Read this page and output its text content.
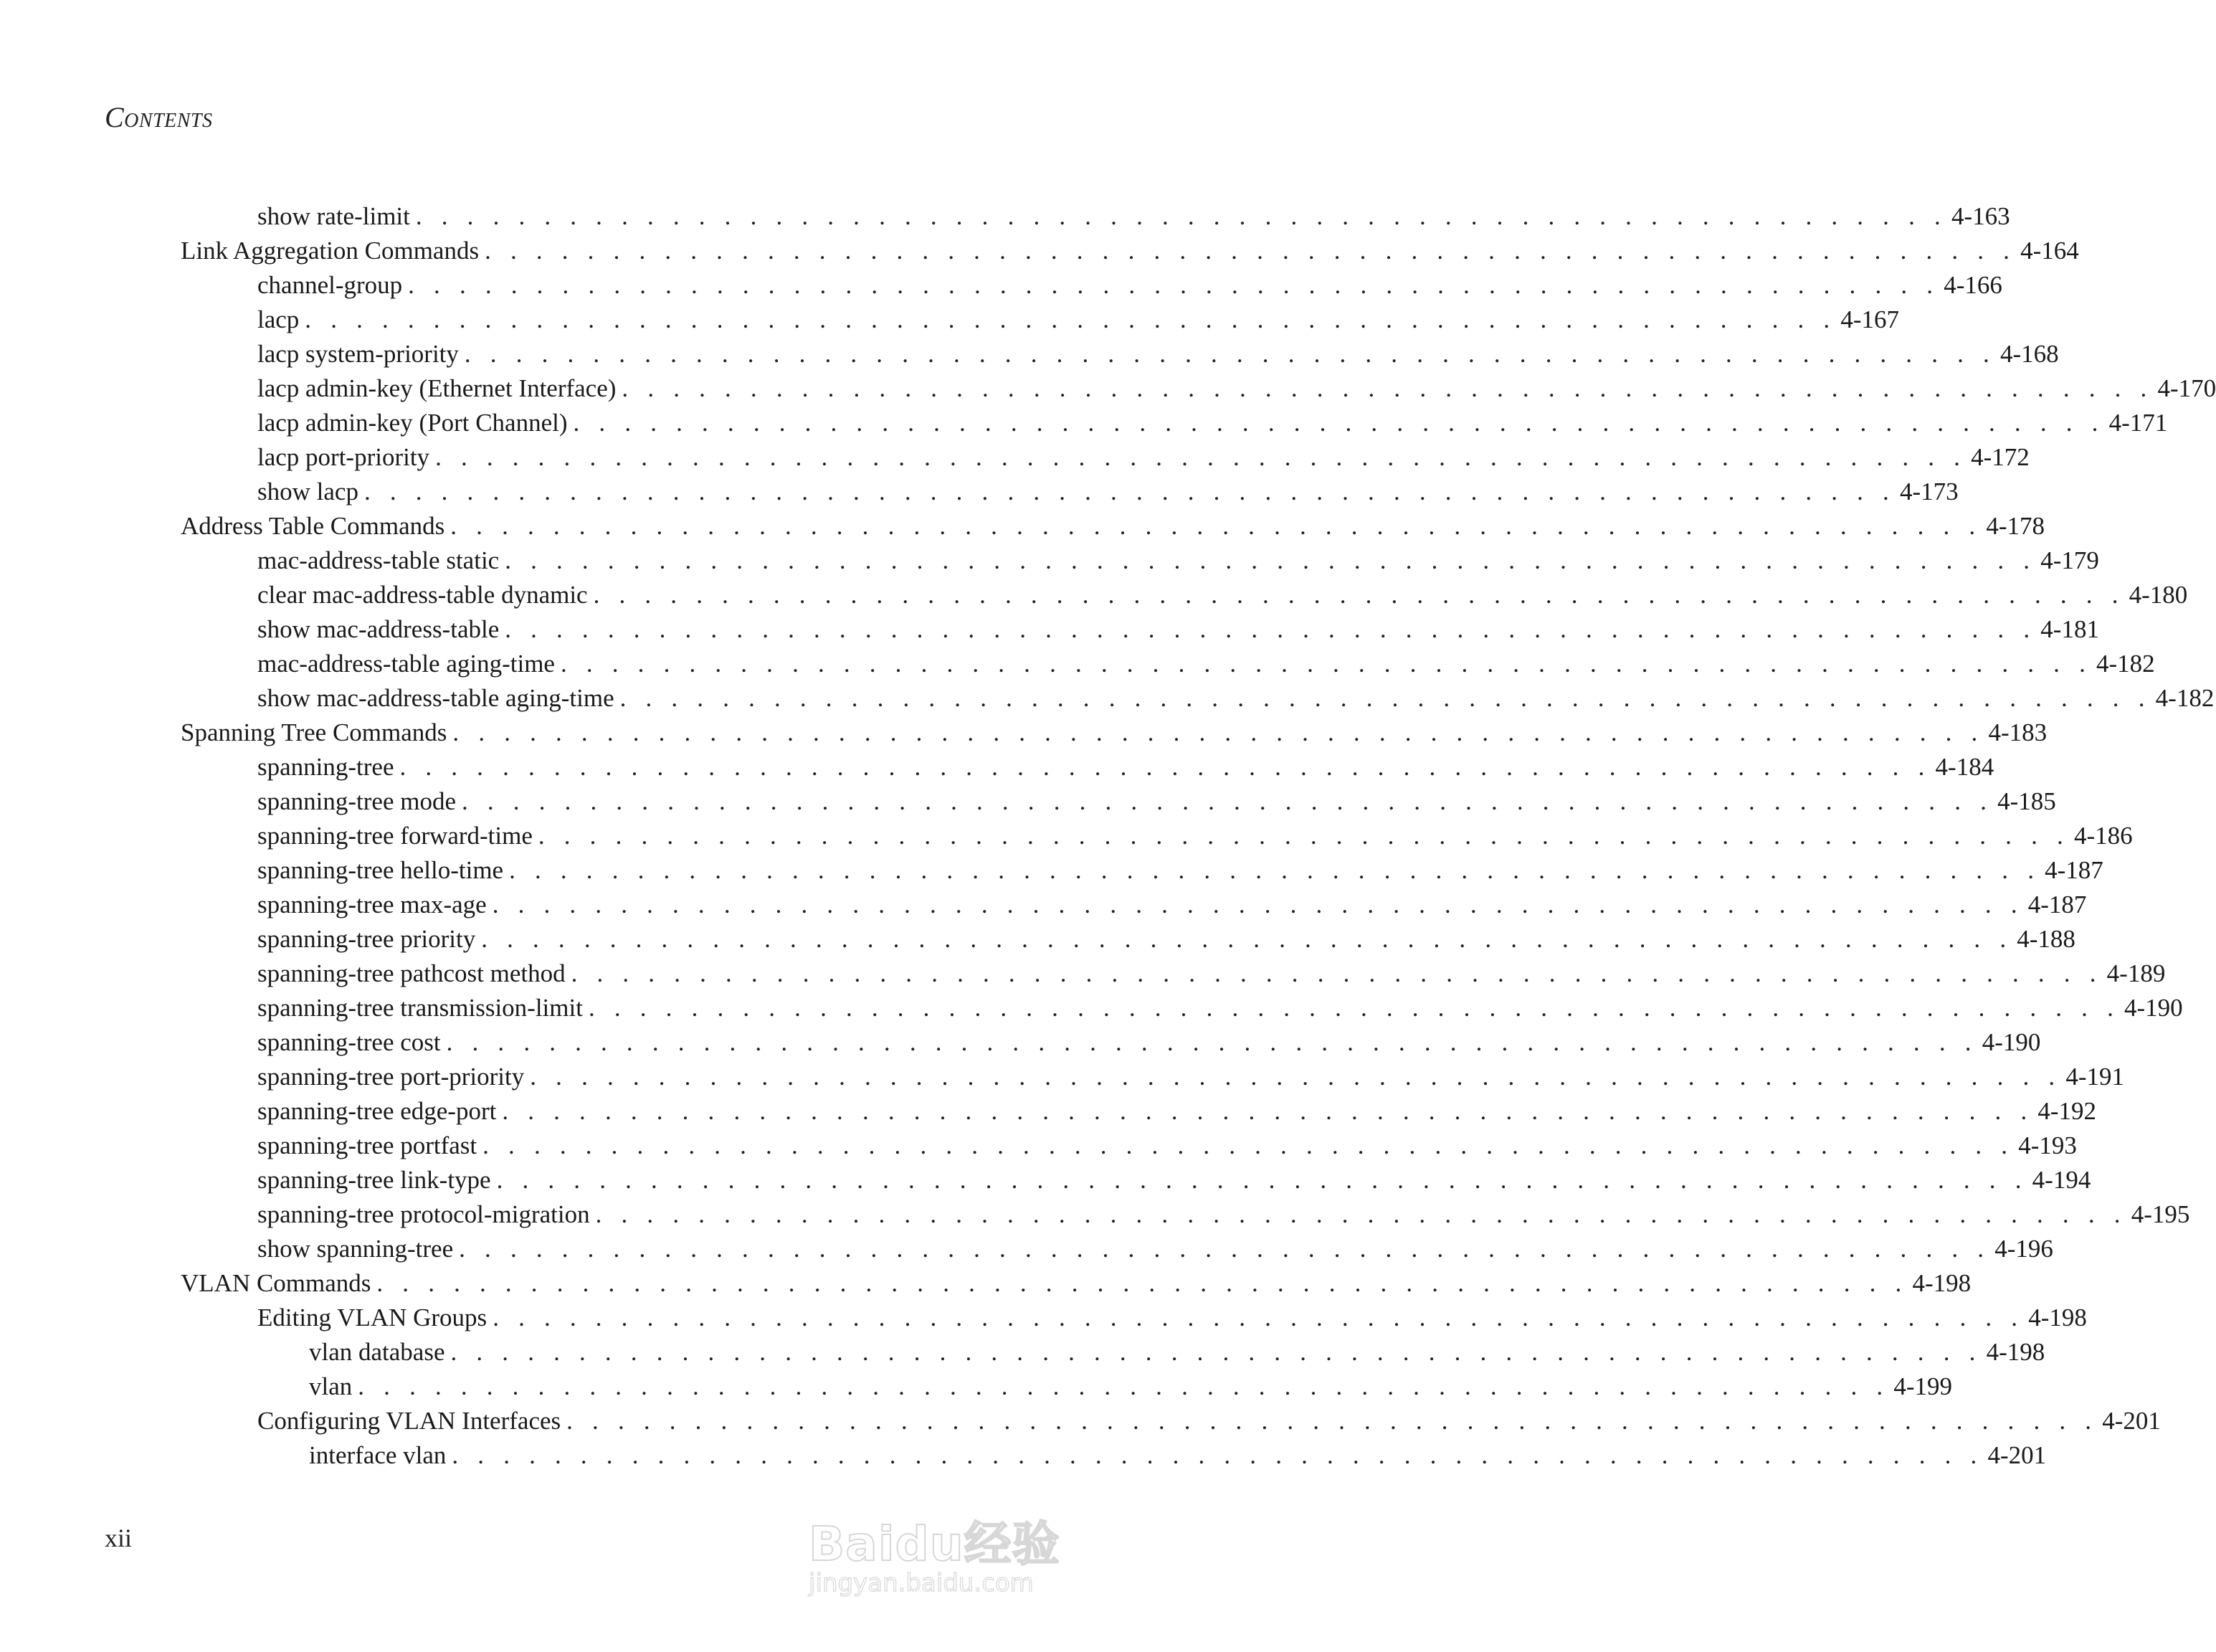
Contents
show rate-limit . . . . . . . . . . . . . . . . . . . . . . . . . . . . . . . . . . . . . . . . . . . . . . . . . . . . . . . . . . . . 4-163
Link Aggregation Commands . . . . . . . . . . . . . . . . . . . . . . . . . . . . . . . . . . . . . . . . . . . . . . . . . . . . . . . . . . . . 4-164
channel-group . . . . . . . . . . . . . . . . . . . . . . . . . . . . . . . . . . . . . . . . . . . . . . . . . . . . . . . . . . . . 4-166
lacp . . . . . . . . . . . . . . . . . . . . . . . . . . . . . . . . . . . . . . . . . . . . . . . . . . . . . . . . . . . . 4-167
lacp system-priority . . . . . . . . . . . . . . . . . . . . . . . . . . . . . . . . . . . . . . . . . . . . . . . . . . . . . . . . . . . . 4-168
lacp admin-key (Ethernet Interface) . . . . . . . . . . . . . . . . . . . . . . . . . . . . . . . . . . . . . . . . . . . . . . . . . . . . . . . . . . . . 4-170
lacp admin-key (Port Channel) . . . . . . . . . . . . . . . . . . . . . . . . . . . . . . . . . . . . . . . . . . . . . . . . . . . . . . . . . . . . 4-171
lacp port-priority . . . . . . . . . . . . . . . . . . . . . . . . . . . . . . . . . . . . . . . . . . . . . . . . . . . . . . . . . . . . 4-172
show lacp . . . . . . . . . . . . . . . . . . . . . . . . . . . . . . . . . . . . . . . . . . . . . . . . . . . . . . . . . . . . 4-173
Address Table Commands . . . . . . . . . . . . . . . . . . . . . . . . . . . . . . . . . . . . . . . . . . . . . . . . . . . . . . . . . . . . 4-178
mac-address-table static . . . . . . . . . . . . . . . . . . . . . . . . . . . . . . . . . . . . . . . . . . . . . . . . . . . . . . . . . . . . 4-179
clear mac-address-table dynamic . . . . . . . . . . . . . . . . . . . . . . . . . . . . . . . . . . . . . . . . . . . . . . . . . . . . . . . . . . . . 4-180
show mac-address-table . . . . . . . . . . . . . . . . . . . . . . . . . . . . . . . . . . . . . . . . . . . . . . . . . . . . . . . . . . . . 4-181
mac-address-table aging-time . . . . . . . . . . . . . . . . . . . . . . . . . . . . . . . . . . . . . . . . . . . . . . . . . . . . . . . . . . . . 4-182
show mac-address-table aging-time . . . . . . . . . . . . . . . . . . . . . . . . . . . . . . . . . . . . . . . . . . . . . . . . . . . . . . . . . . . . 4-182
Spanning Tree Commands . . . . . . . . . . . . . . . . . . . . . . . . . . . . . . . . . . . . . . . . . . . . . . . . . . . . . . . . . . . . 4-183
spanning-tree . . . . . . . . . . . . . . . . . . . . . . . . . . . . . . . . . . . . . . . . . . . . . . . . . . . . . . . . . . . . 4-184
spanning-tree mode . . . . . . . . . . . . . . . . . . . . . . . . . . . . . . . . . . . . . . . . . . . . . . . . . . . . . . . . . . . . 4-185
spanning-tree forward-time . . . . . . . . . . . . . . . . . . . . . . . . . . . . . . . . . . . . . . . . . . . . . . . . . . . . . . . . . . . . 4-186
spanning-tree hello-time . . . . . . . . . . . . . . . . . . . . . . . . . . . . . . . . . . . . . . . . . . . . . . . . . . . . . . . . . . . . 4-187
spanning-tree max-age . . . . . . . . . . . . . . . . . . . . . . . . . . . . . . . . . . . . . . . . . . . . . . . . . . . . . . . . . . . . 4-187
spanning-tree priority . . . . . . . . . . . . . . . . . . . . . . . . . . . . . . . . . . . . . . . . . . . . . . . . . . . . . . . . . . . . 4-188
spanning-tree pathcost method . . . . . . . . . . . . . . . . . . . . . . . . . . . . . . . . . . . . . . . . . . . . . . . . . . . . . . . . . . . . 4-189
spanning-tree transmission-limit . . . . . . . . . . . . . . . . . . . . . . . . . . . . . . . . . . . . . . . . . . . . . . . . . . . . . . . . . . . . 4-190
spanning-tree cost . . . . . . . . . . . . . . . . . . . . . . . . . . . . . . . . . . . . . . . . . . . . . . . . . . . . . . . . . . . . 4-190
spanning-tree port-priority . . . . . . . . . . . . . . . . . . . . . . . . . . . . . . . . . . . . . . . . . . . . . . . . . . . . . . . . . . . . 4-191
spanning-tree edge-port . . . . . . . . . . . . . . . . . . . . . . . . . . . . . . . . . . . . . . . . . . . . . . . . . . . . . . . . . . . . 4-192
spanning-tree portfast . . . . . . . . . . . . . . . . . . . . . . . . . . . . . . . . . . . . . . . . . . . . . . . . . . . . . . . . . . . . 4-193
spanning-tree link-type . . . . . . . . . . . . . . . . . . . . . . . . . . . . . . . . . . . . . . . . . . . . . . . . . . . . . . . . . . . . 4-194
spanning-tree protocol-migration . . . . . . . . . . . . . . . . . . . . . . . . . . . . . . . . . . . . . . . . . . . . . . . . . . . . . . . . . . . . 4-195
show spanning-tree . . . . . . . . . . . . . . . . . . . . . . . . . . . . . . . . . . . . . . . . . . . . . . . . . . . . . . . . . . . . 4-196
VLAN Commands . . . . . . . . . . . . . . . . . . . . . . . . . . . . . . . . . . . . . . . . . . . . . . . . . . . . . . . . . . . . 4-198
Editing VLAN Groups . . . . . . . . . . . . . . . . . . . . . . . . . . . . . . . . . . . . . . . . . . . . . . . . . . . . . . . . . . . . 4-198
vlan database . . . . . . . . . . . . . . . . . . . . . . . . . . . . . . . . . . . . . . . . . . . . . . . . . . . . . . . . . . . . 4-198
vlan . . . . . . . . . . . . . . . . . . . . . . . . . . . . . . . . . . . . . . . . . . . . . . . . . . . . . . . . . . . . 4-199
Configuring VLAN Interfaces . . . . . . . . . . . . . . . . . . . . . . . . . . . . . . . . . . . . . . . . . . . . . . . . . . . . . . . . . . . . 4-201
interface vlan . . . . . . . . . . . . . . . . . . . . . . . . . . . . . . . . . . . . . . . . . . . . . . . . . . . . . . . . . . . . 4-201
xii	Baidu经验
jingyan.baidu.com
